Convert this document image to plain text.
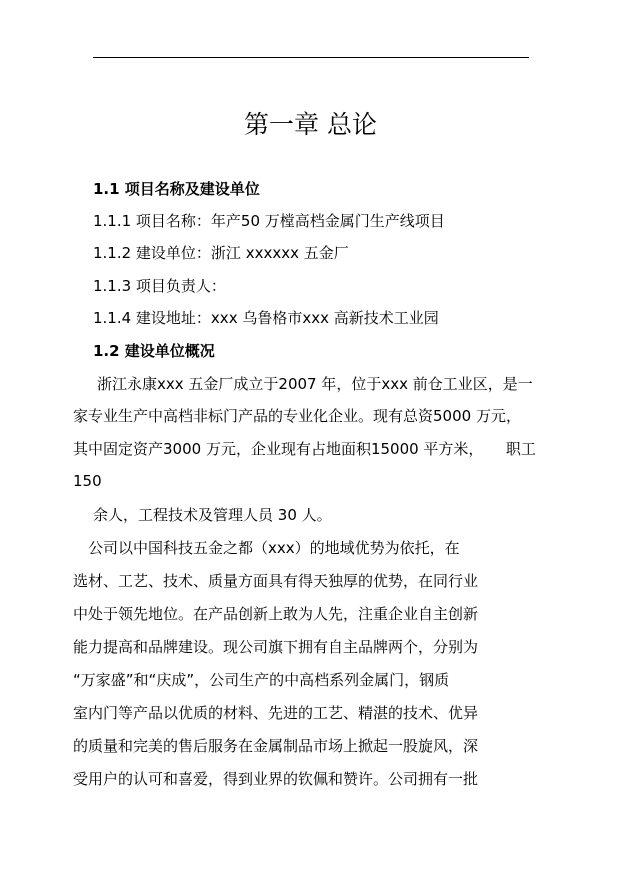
第一章 总论

1.1 项目名称及建设单位

1.1.1 项目名称：年产50 万樘高档金属门生产线项目

1.1.2 建设单位：浙江 xxxxxx 五金厂

1.1.3 项目负责人：

1.1.4 建设地址：xxx 乌鲁格市xxx 高新技术工业园

1.2 建设单位概况

浙江永康xxx 五金厂成立于2007 年，位于xxx 前仓工业区，是一

家专业生产中高档非标门产品的专业化企业。现有总资5000 万元，

其中固定资产3000 万元，企业现有占地面积15000 平方米，　　职工

150

余人，工程技术及管理人员 30 人。

　公司以中国科技五金之都（xxx）的地域优势为依托，在

选材、工艺、技术、质量方面具有得天独厚的优势，在同行业

中处于领先地位。在产品创新上敢为人先，注重企业自主创新

能力提高和品牌建设。现公司旗下拥有自主品牌两个，分别为

“万家盛”和“庆成”，公司生产的中高档系列金属门，钢质

室内门等产品以优质的材料、先进的工艺、精湛的技术、优异

的质量和完美的售后服务在金属制品市场上掀起一股旋风，深

受用户的认可和喜爱，得到业界的钦佩和赞许。公司拥有一批
